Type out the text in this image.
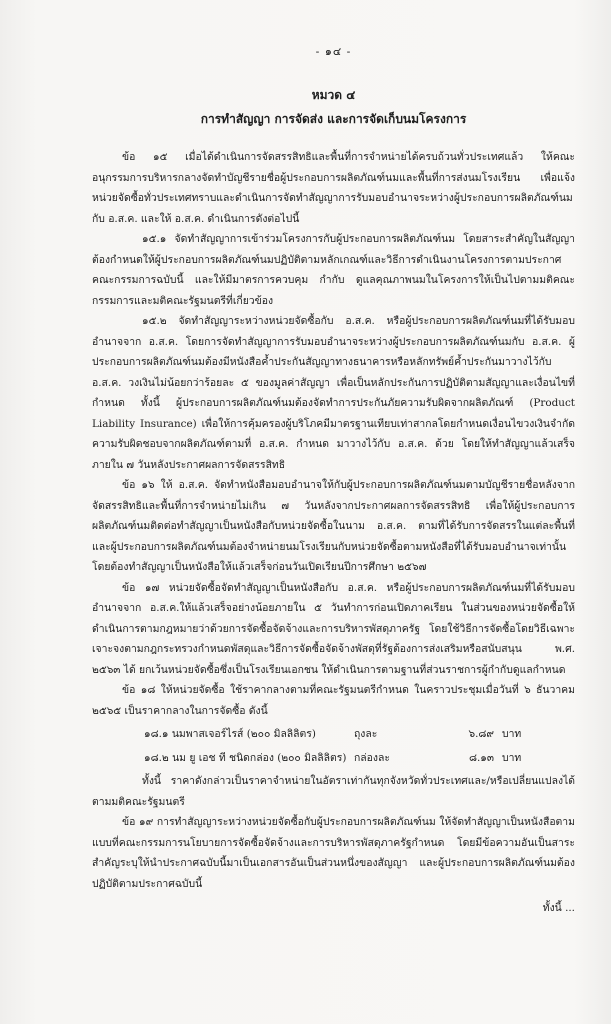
- ๑๔ -
หมวด ๔
การทำสัญญา การจัดส่ง และการจัดเก็บนมโครงการ

ข้อ ๑๕ เมื่อได้ดำเนินการจัดสรรสิทธิและพื้นที่การจำหน่ายได้ครบถ้วนทั่วประเทศแล้ว ให้คณะอนุกรรมการบริหารกลางจัดทำบัญชีรายชื่อผู้ประกอบการผลิตภัณฑ์นมและพื้นที่การส่งนมโรงเรียน เพื่อแจ้งหน่วยจัดซื้อทั่วประเทศทราบและดำเนินการจัดทำสัญญาการรับมอบอำนาจระหว่างผู้ประกอบการผลิตภัณฑ์นมกับ อ.ส.ค. และให้ อ.ส.ค. ดำเนินการดังต่อไปนี้

๑๕.๑ จัดทำสัญญาการเข้าร่วมโครงการกับผู้ประกอบการผลิตภัณฑ์นม โดยสาระสำคัญในสัญญาต้องกำหนดให้ผู้ประกอบการผลิตภัณฑ์นมปฏิบัติตามหลักเกณฑ์และวิธีการดำเนินงานโครงการตามประกาศคณะกรรมการฉบับนี้ และให้มีมาตรการควบคุม กำกับ ดูแลคุณภาพนมในโครงการให้เป็นไปตามมติคณะกรรมการและมติคณะรัฐมนตรีที่เกี่ยวข้อง

๑๕.๒ จัดทำสัญญาระหว่างหน่วยจัดซื้อกับ อ.ส.ค. หรือผู้ประกอบการผลิตภัณฑ์นมที่ได้รับมอบอำนาจจาก อ.ส.ค. โดยการจัดทำสัญญาการรับมอบอำนาจระหว่างผู้ประกอบการผลิตภัณฑ์นมกับ อ.ส.ค. ผู้ประกอบการผลิตภัณฑ์นมต้องมีหนังสือค้ำประกันสัญญาทางธนาคารหรือหลักทรัพย์ค้ำประกันมาวางไว้กับ อ.ส.ค. วงเงินไม่น้อยกว่าร้อยละ ๕ ของมูลค่าสัญญา เพื่อเป็นหลักประกันการปฏิบัติตามสัญญาและเงื่อนไขที่กำหนด ทั้งนี้ ผู้ประกอบการผลิตภัณฑ์นมต้องจัดทำการประกันภัยความรับผิดจากผลิตภัณฑ์ (Product Liability Insurance) เพื่อให้การคุ้มครองผู้บริโภคมีมาตรฐานเทียบเท่าสากลโดยกำหนดเงื่อนไขวงเงินจำกัดความรับผิดชอบจากผลิตภัณฑ์ตามที่ อ.ส.ค. กำหนด มาวางไว้กับ อ.ส.ค. ด้วย โดยให้ทำสัญญาแล้วเสร็จภายใน ๗ วันหลังประกาศผลการจัดสรรสิทธิ

ข้อ ๑๖ ให้ อ.ส.ค. จัดทำหนังสือมอบอำนาจให้กับผู้ประกอบการผลิตภัณฑ์นมตามบัญชีรายชื่อหลังจากจัดสรรสิทธิและพื้นที่การจำหน่ายไม่เกิน ๗ วันหลังจากประกาศผลการจัดสรรสิทธิ เพื่อให้ผู้ประกอบการผลิตภัณฑ์นมติดต่อทำสัญญาเป็นหนังสือกับหน่วยจัดซื้อในนาม อ.ส.ค. ตามที่ได้รับการจัดสรรในแต่ละพื้นที่ และผู้ประกอบการผลิตภัณฑ์นมต้องจำหน่ายนมโรงเรียนกับหน่วยจัดซื้อตามหนังสือที่ได้รับมอบอำนาจเท่านั้น โดยต้องทำสัญญาเป็นหนังสือให้แล้วเสร็จก่อนวันเปิดเรียนปีการศึกษา ๒๕๖๗

ข้อ ๑๗ หน่วยจัดซื้อจัดทำสัญญาเป็นหนังสือกับ อ.ส.ค. หรือผู้ประกอบการผลิตภัณฑ์นมที่ได้รับมอบอำนาจจาก อ.ส.ค.ให้แล้วเสร็จอย่างน้อยภายใน ๕ วันทำการก่อนเปิดภาคเรียน ในส่วนของหน่วยจัดซื้อให้ดำเนินการตามกฎหมายว่าด้วยการจัดซื้อจัดจ้างและการบริหารพัสดุภาครัฐ โดยใช้วิธีการจัดซื้อโดยวิธีเฉพาะเจาะจงตามกฎกระทรวงกำหนดพัสดุและวิธีการจัดซื้อจัดจ้างพัสดุที่รัฐต้องการส่งเสริมหรือสนับสนุน พ.ศ. ๒๕๖๓ ได้ ยกเว้นหน่วยจัดซื้อซึ่งเป็นโรงเรียนเอกชน ให้ดำเนินการตามฐานที่ส่วนราชการผู้กำกับดูแลกำหนด

ข้อ ๑๘ ให้หน่วยจัดซื้อ ใช้ราคากลางตามที่คณะรัฐมนตรีกำหนด ในคราวประชุมเมื่อวันที่ ๖ ธันวาคม ๒๕๖๕ เป็นราคากลางในการจัดซื้อ ดังนี้

๑๘.๑ นมพาสเจอร์ไรส์ (๒๐๐ มิลลิลิตร)	ถุงละ	๖.๘๙ บาท
๑๘.๒ นม ยู เอช ที ชนิดกล่อง (๒๐๐ มิลลิลิตร) กล่องละ	๘.๑๓ บาท

ทั้งนี้ ราคาดังกล่าวเป็นราคาจำหน่ายในอัตราเท่ากันทุกจังหวัดทั่วประเทศและ/หรือเปลี่ยนแปลงได้ตามมติคณะรัฐมนตรี

ข้อ ๑๙ การทำสัญญาระหว่างหน่วยจัดซื้อกับผู้ประกอบการผลิตภัณฑ์นม ให้จัดทำสัญญาเป็นหนังสือตามแบบที่คณะกรรมการนโยบายการจัดซื้อจัดจ้างและการบริหารพัสดุภาครัฐกำหนด โดยมีข้อความอันเป็นสาระสำคัญระบุให้นำประกาศฉบับนี้มาเป็นเอกสารอันเป็นส่วนหนึ่งของสัญญา และผู้ประกอบการผลิตภัณฑ์นมต้องปฏิบัติตามประกาศฉบับนี้

ทั้งนี้ ...
